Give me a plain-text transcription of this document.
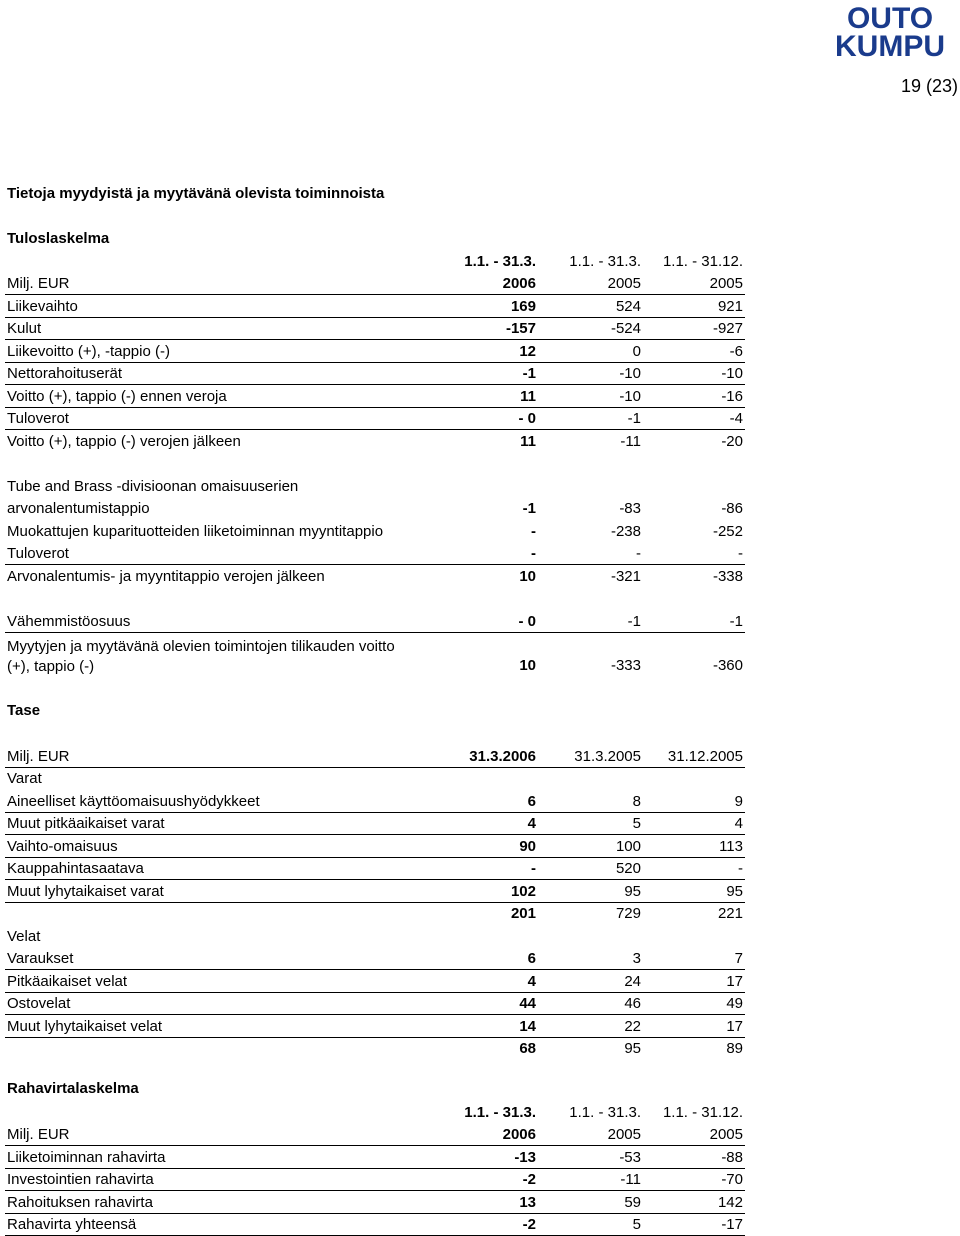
OUTO
KUMPU
19 (23)
Tietoja myydyistä ja myytävänä olevista toiminnoista
Tuloslaskelma
1.1. - 31.3.	1.1. - 31.3.	1.1. - 31.12.
Milj. EUR	2006	2005	2005
Liikevaihto	169	524	921
Kulut	-157	-524	-927
Liikevoitto (+), -tappio (-)	12	0	-6
Nettorahoituserät	-1	-10	-10
Voitto (+), tappio (-) ennen veroja	11	-10	-16
Tuloverot	- 0	-1	-4
Voitto (+), tappio (-) verojen jälkeen	11	-11	-20
Tube and Brass -divisioonan omaisuuserien
arvonalentumistappio	-1	-83	-86
Muokattujen kuparituotteiden liiketoiminnan myyntitappio	-	-238	-252
Tuloverot	-	-	-
Arvonalentumis- ja myyntitappio verojen jälkeen	10	-321	-338
Vähemmistöosuus	- 0	-1	-1
Myytyjen ja myytävänä olevien toimintojen tilikauden voitto
(+), tappio (-)	10	-333	-360
Tase
Milj. EUR	31.3.2006	31.3.2005	31.12.2005
Varat
Aineelliset käyttöomaisuushyödykkeet	6	8	9
Muut pitkäaikaiset varat	4	5	4
Vaihto-omaisuus	90	100	113
Kauppahintasaatava	-	520	-
Muut lyhytaikaiset varat	102	95	95
201	729	221
Velat
Varaukset	6	3	7
Pitkäaikaiset velat	4	24	17
Ostovelat	44	46	49
Muut lyhytaikaiset velat	14	22	17
68	95	89
Rahavirtalaskelma
1.1. - 31.3.	1.1. - 31.3.	1.1. - 31.12.
Milj. EUR	2006	2005	2005
Liiketoiminnan rahavirta	-13	-53	-88
Investointien rahavirta	-2	-11	-70
Rahoituksen rahavirta	13	59	142
Rahavirta yhteensä	-2	5	-17
